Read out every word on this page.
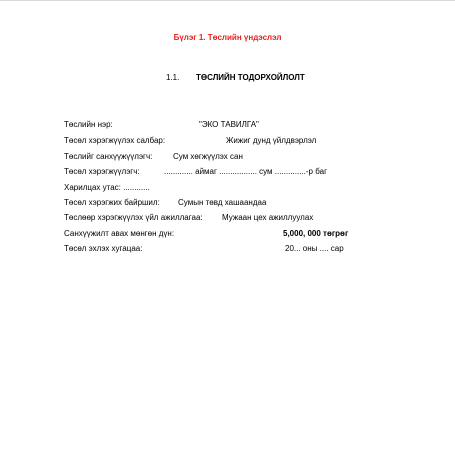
Бүлэг 1. Төслийн үндэслэл
1.1. ТӨСЛИЙН ТОДОРХОЙЛОЛТ
Төслийн нэр:	"ЭКО ТАВИЛГА"
Төсөл хэрэгжүүлэх салбар:	Жижиг дунд үйлдвэрлэл
Төслийг санхүүжүүлэгч:	Сум хөгжүүлэх сан
Төсөл хэрэгжүүлэгч:	............. аймаг ................. сум ..............-р баг
Харилцах утас: ............
Төсөл хэрэгжих байршил: Сумын төвд хашаандаа
Төслөөр хэрэгжүүлэх үйл ажиллагаа: Мужаан цех ажиллуулах
Санхүүжилт авах мөнгөн дүн:	5,000, 000 төгрөг
Төсөл эхлэх хугацаа:	20... оны .... сар
